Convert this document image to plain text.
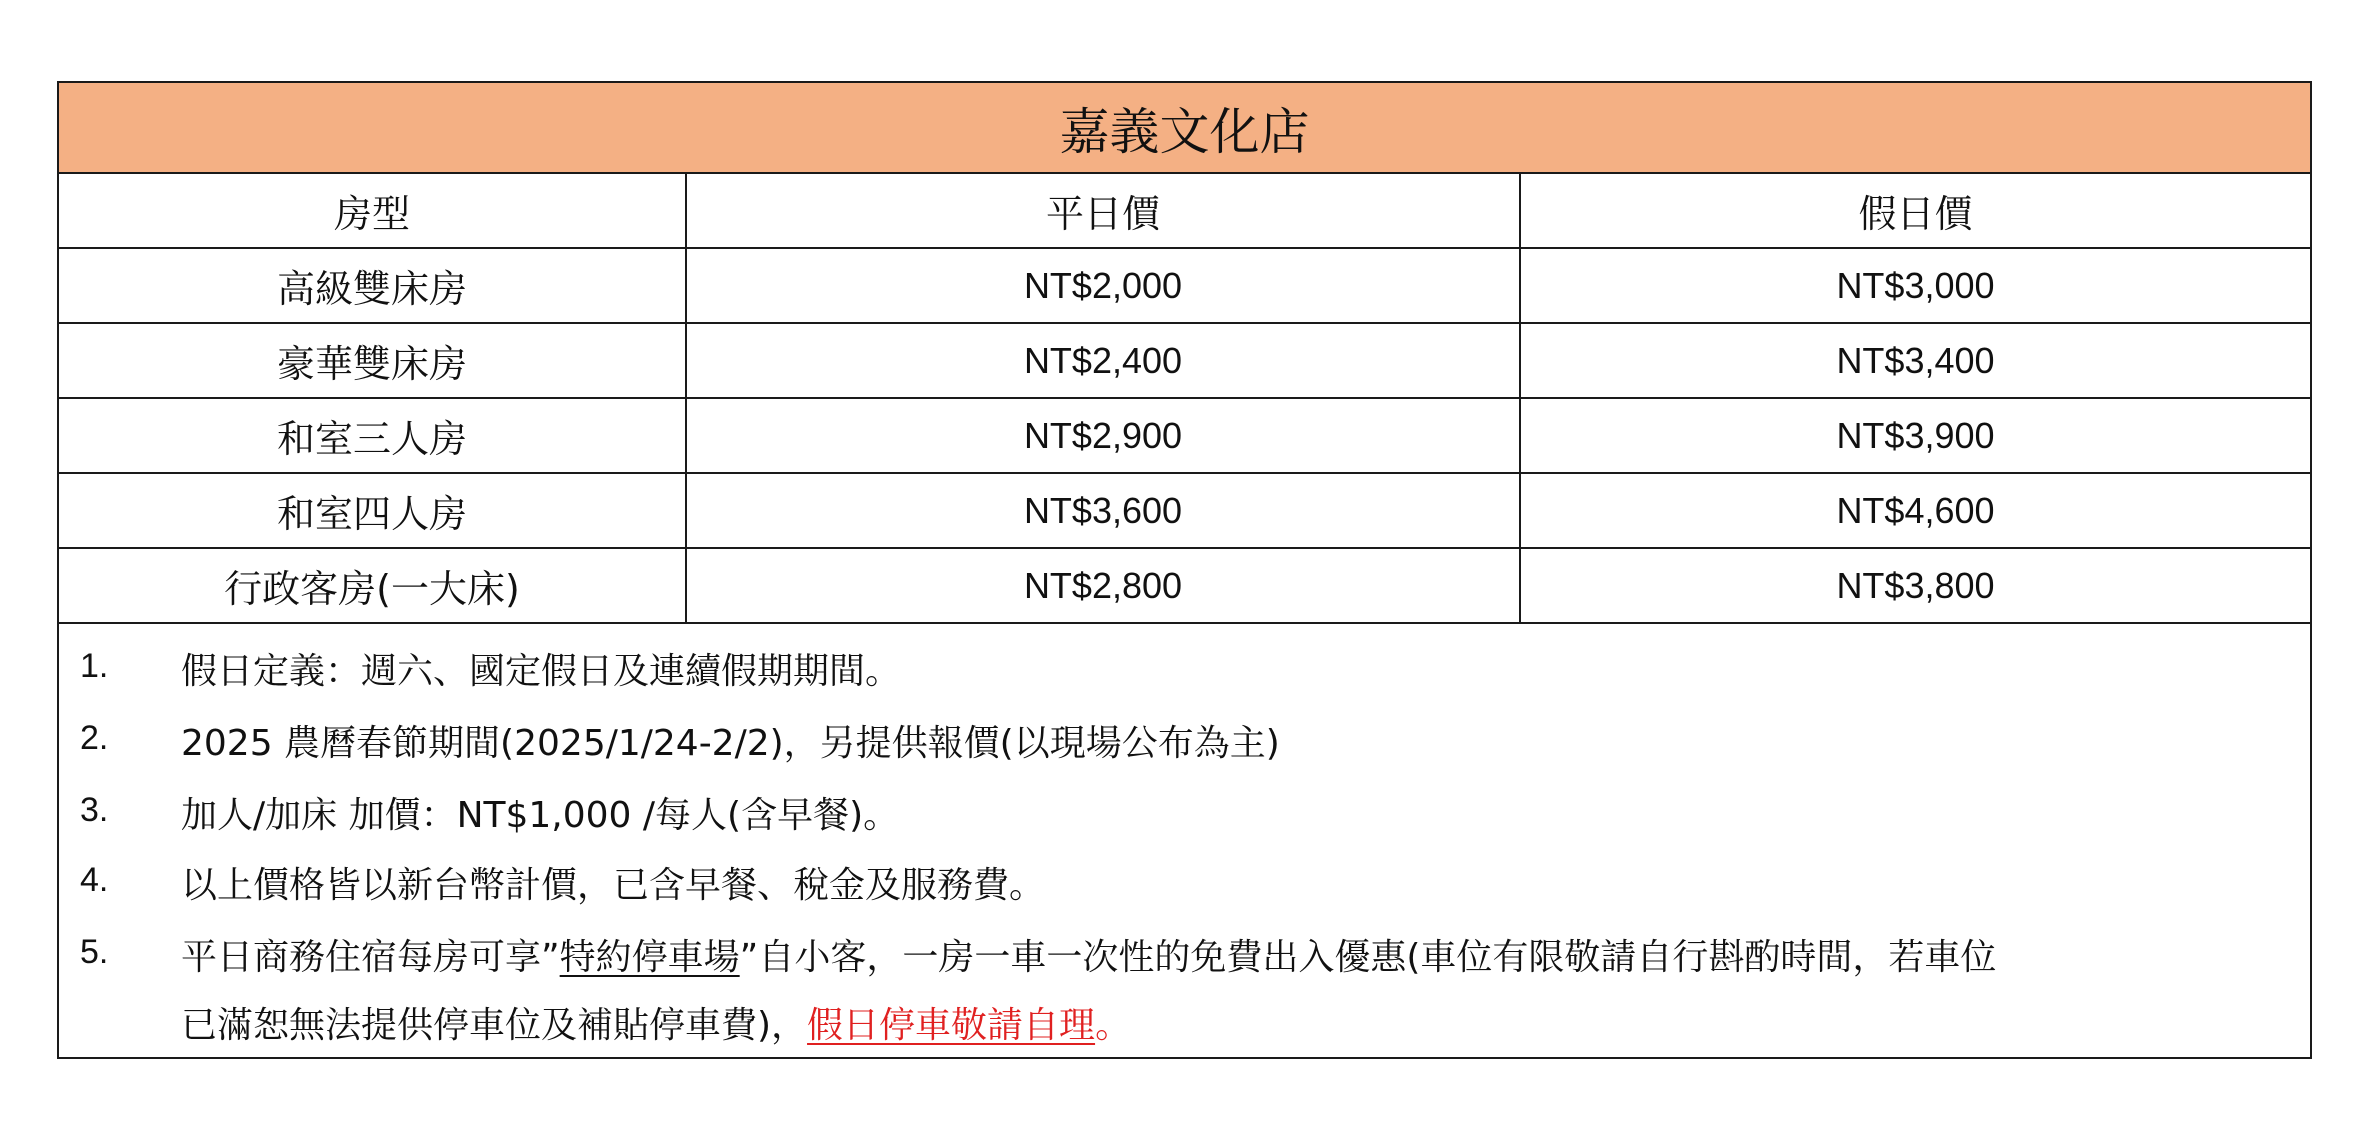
嘉義文化店
房型	平日價	假日價
高級雙床房	NT$2,000	NT$3,000
豪華雙床房	NT$2,400	NT$3,400
和室三人房	NT$2,900	NT$3,900
和室四人房	NT$3,600	NT$4,600
行政客房(一大床)	NT$2,800	NT$3,800
1. 假日定義：週六、國定假日及連續假期期間。
2. 2025 農曆春節期間(2025/1/24-2/2)，另提供報價(以現場公布為主)
3. 加人/加床 加價：NT$1,000 /每人(含早餐)。
4. 以上價格皆以新台幣計價，已含早餐、稅金及服務費。
5. 平日商務住宿每房可享”特約停車場”自小客，一房一車一次性的免費出入優惠(車位有限敬請自行斟酌時間，若車位
已滿恕無法提供停車位及補貼停車費)，假日停車敬請自理。
